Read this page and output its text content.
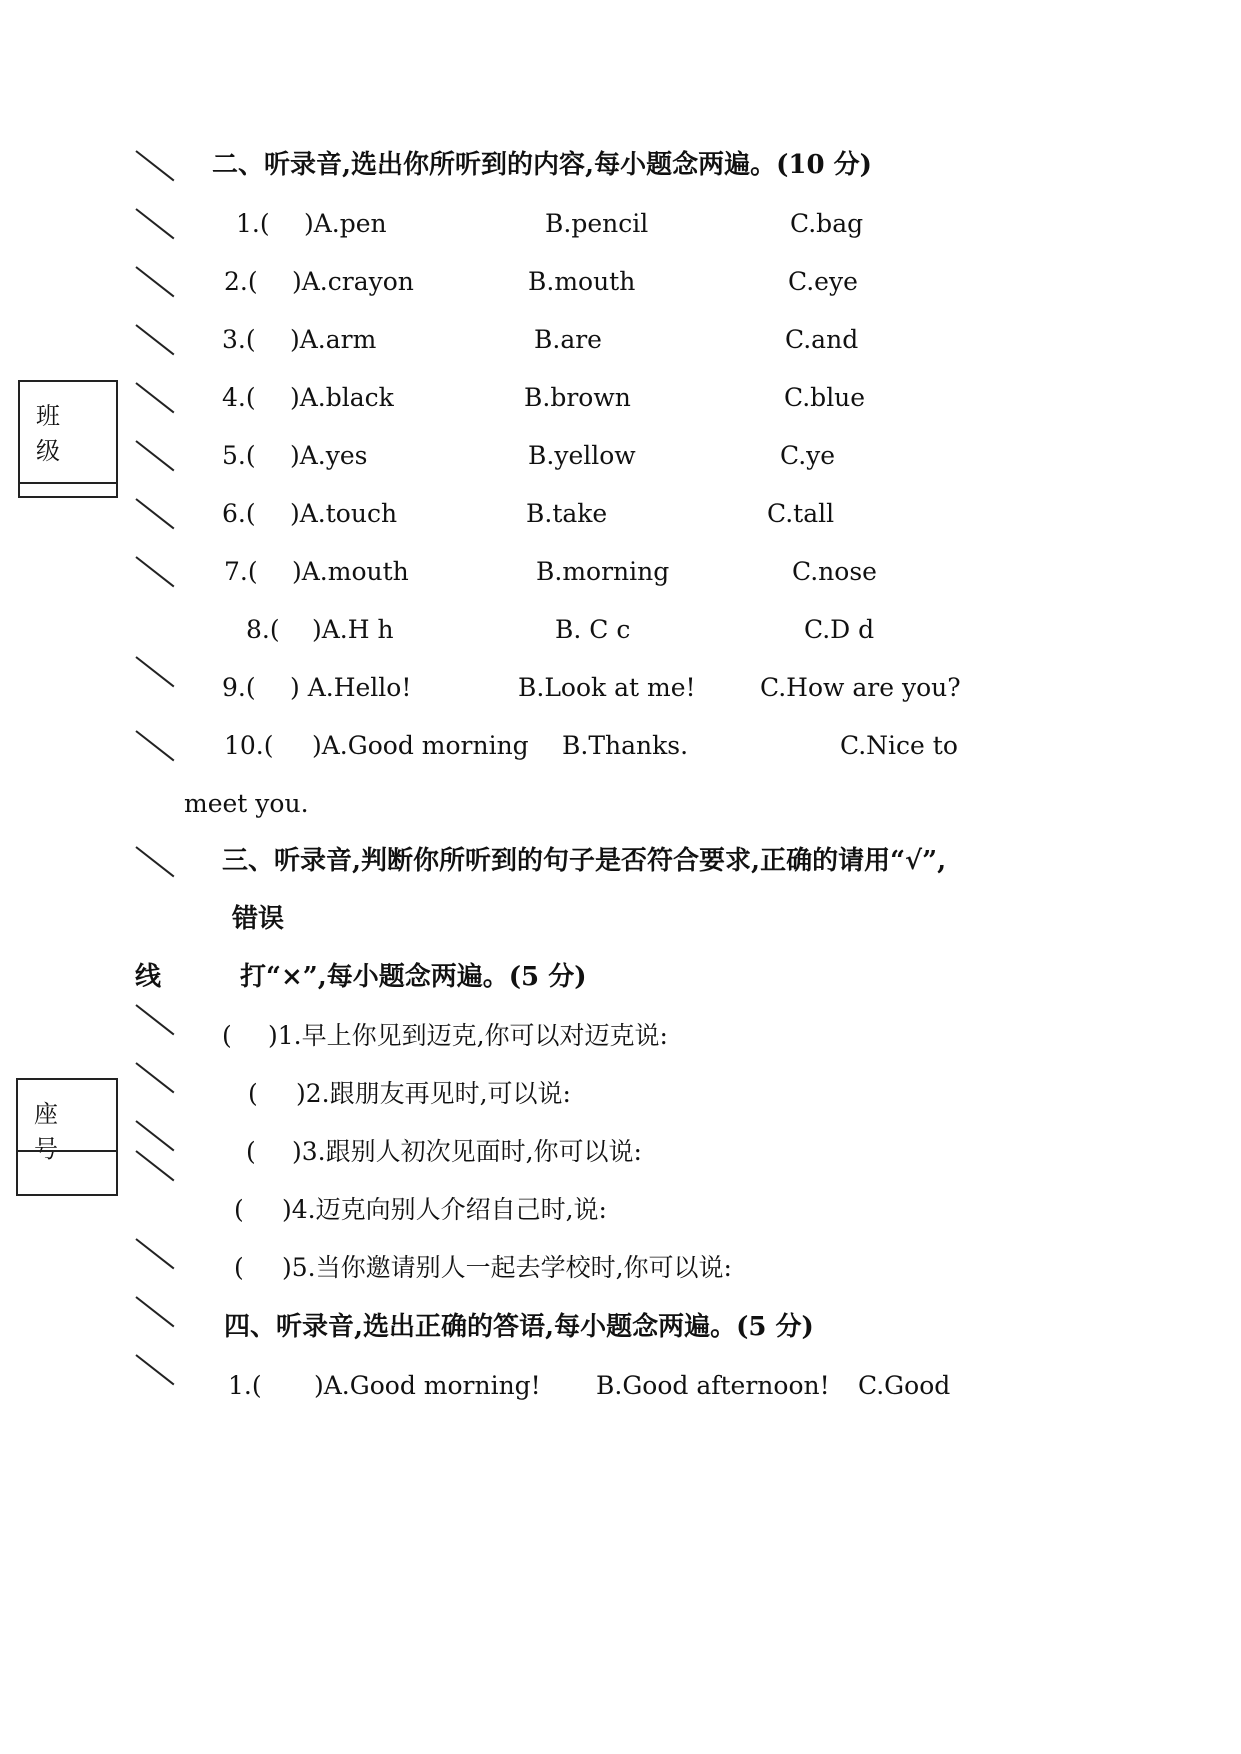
班 级
座 号
二、听录音,选出你所听到的内容,每小题念两遍。(10 分)
1.( )A.pen	B.pencil	C.bag
2.( )A.crayon	B.mouth	C.eye
3.( )A.arm	B.are	C.and
4.( )A.black	B.brown	C.blue
5.( )A.yes	B.yellow	C.ye
6.( )A.touch	B.take	C.tall
7.( )A.mouth	B.morning	C.nose
8.( )A.H h	B. C c	C.D d
9.( ) A.Hello!	B.Look at me!	C.How are you?
10.( )A.Good morning B.Thanks.	C.Nice to
meet you.
三、听录音,判断你所听到的句子是否符合要求,正确的请用“√”,
错误
线	打“×”,每小题念两遍。(5 分)
( )1.早上你见到迈克,你可以对迈克说:
( )2.跟朋友再见时,可以说:
( )3.跟别人初次见面时,你可以说:
( )4.迈克向别人介绍自己时,说:
( )5.当你邀请别人一起去学校时,你可以说:
四、听录音,选出正确的答语,每小题念两遍。(5 分)
1.( )A.Good morning! B.Good afternoon! C.Good
